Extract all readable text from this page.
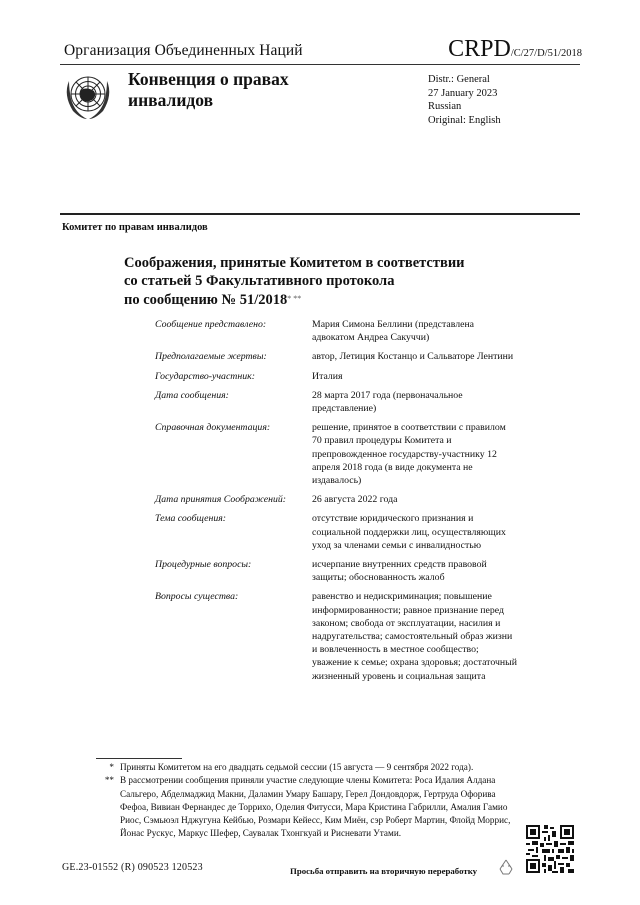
Организация Объединенных Наций	CRPD/C/27/D/51/2018
Конвенция о правах
инвалидов
Distr.: General
27 January 2023
Russian
Original: English
Комитет по правам инвалидов
Соображения, принятые Комитетом в соответствии
со статьей 5 Факультативного протокола
по сообщению № 51/2018* **
Сообщение представлено:	Мария Симона Беллини (представлена адвокатом Андреа Сакуччи)
Предполагаемые жертвы:	автор, Летиция Костанцо и Сальваторе Лентини
Государство-участник:	Италия
Дата сообщения:	28 марта 2017 года (первоначальное представление)
Справочная документация:	решение, принятое в соответствии с правилом 70 правил процедуры Комитета и препровожденное государству-участнику 12 апреля 2018 года (в виде документа не издавалось)
Дата принятия Соображений:	26 августа 2022 года
Тема сообщения:	отсутствие юридического признания и социальной поддержки лиц, осуществляющих уход за членами семьи с инвалидностью
Процедурные вопросы:	исчерпание внутренних средств правовой защиты; обоснованность жалоб
Вопросы существа:	равенство и недискриминация; повышение информированности; равное признание перед законом; свобода от эксплуатации, насилия и надругательства; самостоятельный образ жизни и вовлеченность в местное сообщество; уважение к семье; охрана здоровья; достаточный жизненный уровень и социальная защита
* Приняты Комитетом на его двадцать седьмой сессии (15 августа — 9 сентября 2022 года).
** В рассмотрении сообщения приняли участие следующие члены Комитета: Роса Идалия Алдана Сальгеро, Абделмаджид Макни, Даламин Умару Башару, Герел Дондовдорж, Гертруда Офорива Фефоа, Вивиан Фернандес де Торрихо, Оделия Фитусси, Мара Кристина Габрилли, Амалия Гамио Риос, Сэмьюэл Нджугуна Кейбью, Розмари Кейесс, Ким Миён, сэр Роберт Мартин, Флойд Моррис, Йонас Рускус, Маркус Шефер, Саувалак Тхонгкуай и Рисневати Утами.
GE.23-01552 (R) 090523 120523	Просьба отправить на вторичную переработку
